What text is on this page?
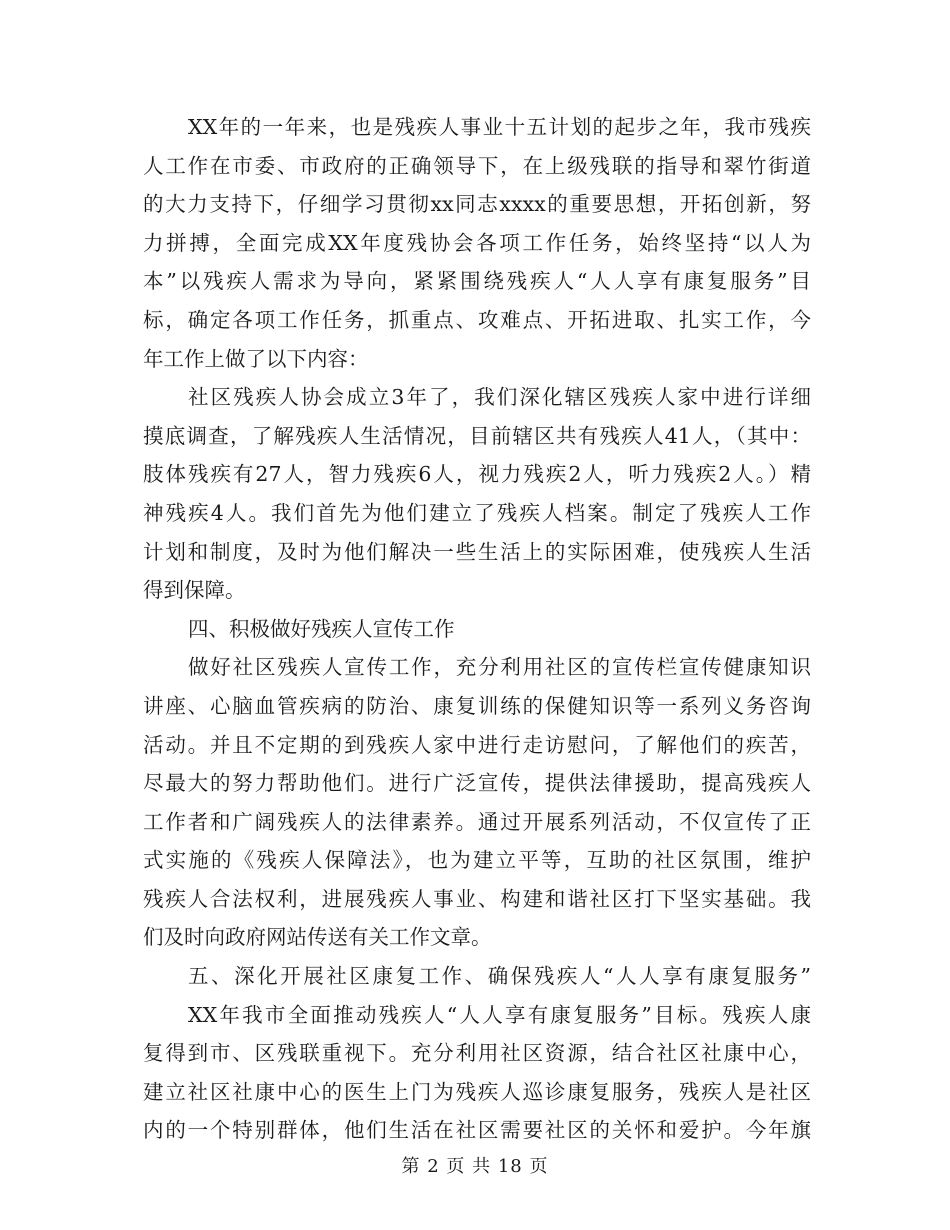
XX年的一年来，也是残疾人事业十五计划的起步之年，我市残疾
人工作在市委、市政府的正确领导下，在上级残联的指导和翠竹街道
的大力支持下，仔细学习贯彻xx同志xxxx的重要思想，开拓创新，努
力拼搏，全面完成XX年度残协会各项工作任务，始终坚持“以人为
本”以残疾人需求为导向，紧紧围绕残疾人“人人享有康复服务”目
标，确定各项工作任务，抓重点、攻难点、开拓进取、扎实工作，今
年工作上做了以下内容：
社区残疾人协会成立3年了，我们深化辖区残疾人家中进行详细
摸底调查，了解残疾人生活情况，目前辖区共有残疾人41人，（其中：
肢体残疾有27人，智力残疾6人，视力残疾2人，听力残疾2人。）精
神残疾4人。我们首先为他们建立了残疾人档案。制定了残疾人工作
计划和制度，及时为他们解决一些生活上的实际困难，使残疾人生活
得到保障。
四、积极做好残疾人宣传工作
做好社区残疾人宣传工作，充分利用社区的宣传栏宣传健康知识
讲座、心脑血管疾病的防治、康复训练的保健知识等一系列义务咨询
活动。并且不定期的到残疾人家中进行走访慰问，了解他们的疾苦，
尽最大的努力帮助他们。进行广泛宣传，提供法律援助，提高残疾人
工作者和广阔残疾人的法律素养。通过开展系列活动，不仅宣传了正
式实施的《残疾人保障法》，也为建立平等，互助的社区氛围，维护
残疾人合法权利，进展残疾人事业、构建和谐社区打下坚实基础。我
们及时向政府网站传送有关工作文章。
五、深化开展社区康复工作、确保残疾人“人人享有康复服务”
XX年我市全面推动残疾人“人人享有康复服务”目标。残疾人康
复得到市、区残联重视下。充分利用社区资源，结合社区社康中心，
建立社区社康中心的医生上门为残疾人巡诊康复服务，残疾人是社区
内的一个特别群体，他们生活在社区需要社区的关怀和爱护。今年旗
第 2 页 共 18 页
